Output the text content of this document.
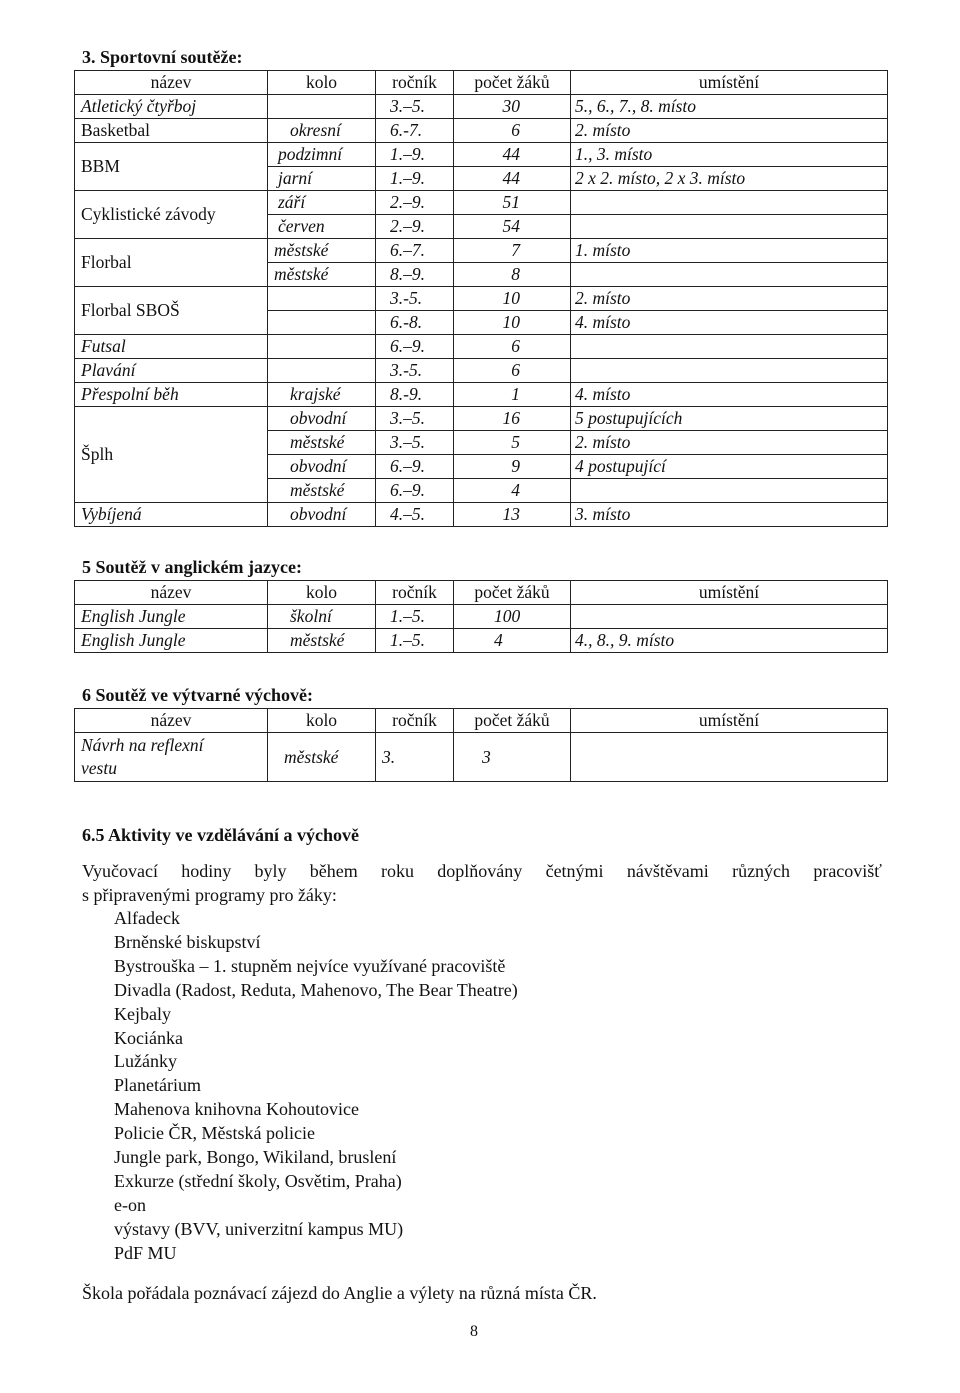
3. Sportovní soutěže:
název	kolo	ročník	počet žáků	umístění
Atletický čtyřboj		3.–5.	30	5., 6., 7., 8. místo
Basketbal	okresní	6.-7.	6	2. místo
BBM	podzimní	1.–9.	44	1., 3. místo
	jarní	1.–9.	44	2 x 2. místo, 2 x 3. místo
Cyklistické závody	září	2.–9.	51	
	červen	2.–9.	54	
Florbal	městské	6.–7.	7	1. místo
	městské	8.–9.	8	
Florbal SBOŠ		3.-5.	10	2. místo
		6.-8.	10	4. místo
Futsal		6.–9.	6	
Plavání		3.-5.	6	
Přespolní běh	krajské	8.-9.	1	4. místo
Šplh	obvodní	3.–5.	16	5 postupujících
	městské	3.–5.	5	2. místo
	obvodní	6.–9.	9	4 postupující
	městské	6.–9.	4	
Vybíjená	obvodní	4.–5.	13	3. místo
5 Soutěž v anglickém jazyce:
název	kolo	ročník	počet žáků	umístění
English Jungle	školní	1.–5.	100	
English Jungle	městské	1.–5.	4	4., 8., 9. místo
6 Soutěž ve výtvarné výchově:
název	kolo	ročník	počet žáků	umístění

Návrh na reflexní
vestu	městské	3.	3	
6.5 Aktivity ve vzdělávání a výchově
Vyučovací hodiny byly během roku doplňovány četnými návštěvami různých pracovišť
s připravenými programy pro žáky:
Alfadeck
Brněnské biskupství
Bystrouška – 1. stupněm nejvíce využívané pracoviště
Divadla (Radost, Reduta, Mahenovo, The Bear Theatre)
Kejbaly
Kociánka
Lužánky
Planetárium
Mahenova knihovna Kohoutovice
Policie ČR, Městská policie
Jungle park, Bongo, Wikiland, bruslení
Exkurze (střední školy, Osvětim, Praha)
e-on
výstavy (BVV, univerzitní kampus MU)
PdF MU
Škola pořádala poznávací zájezd do Anglie a výlety na různá místa ČR.
8
